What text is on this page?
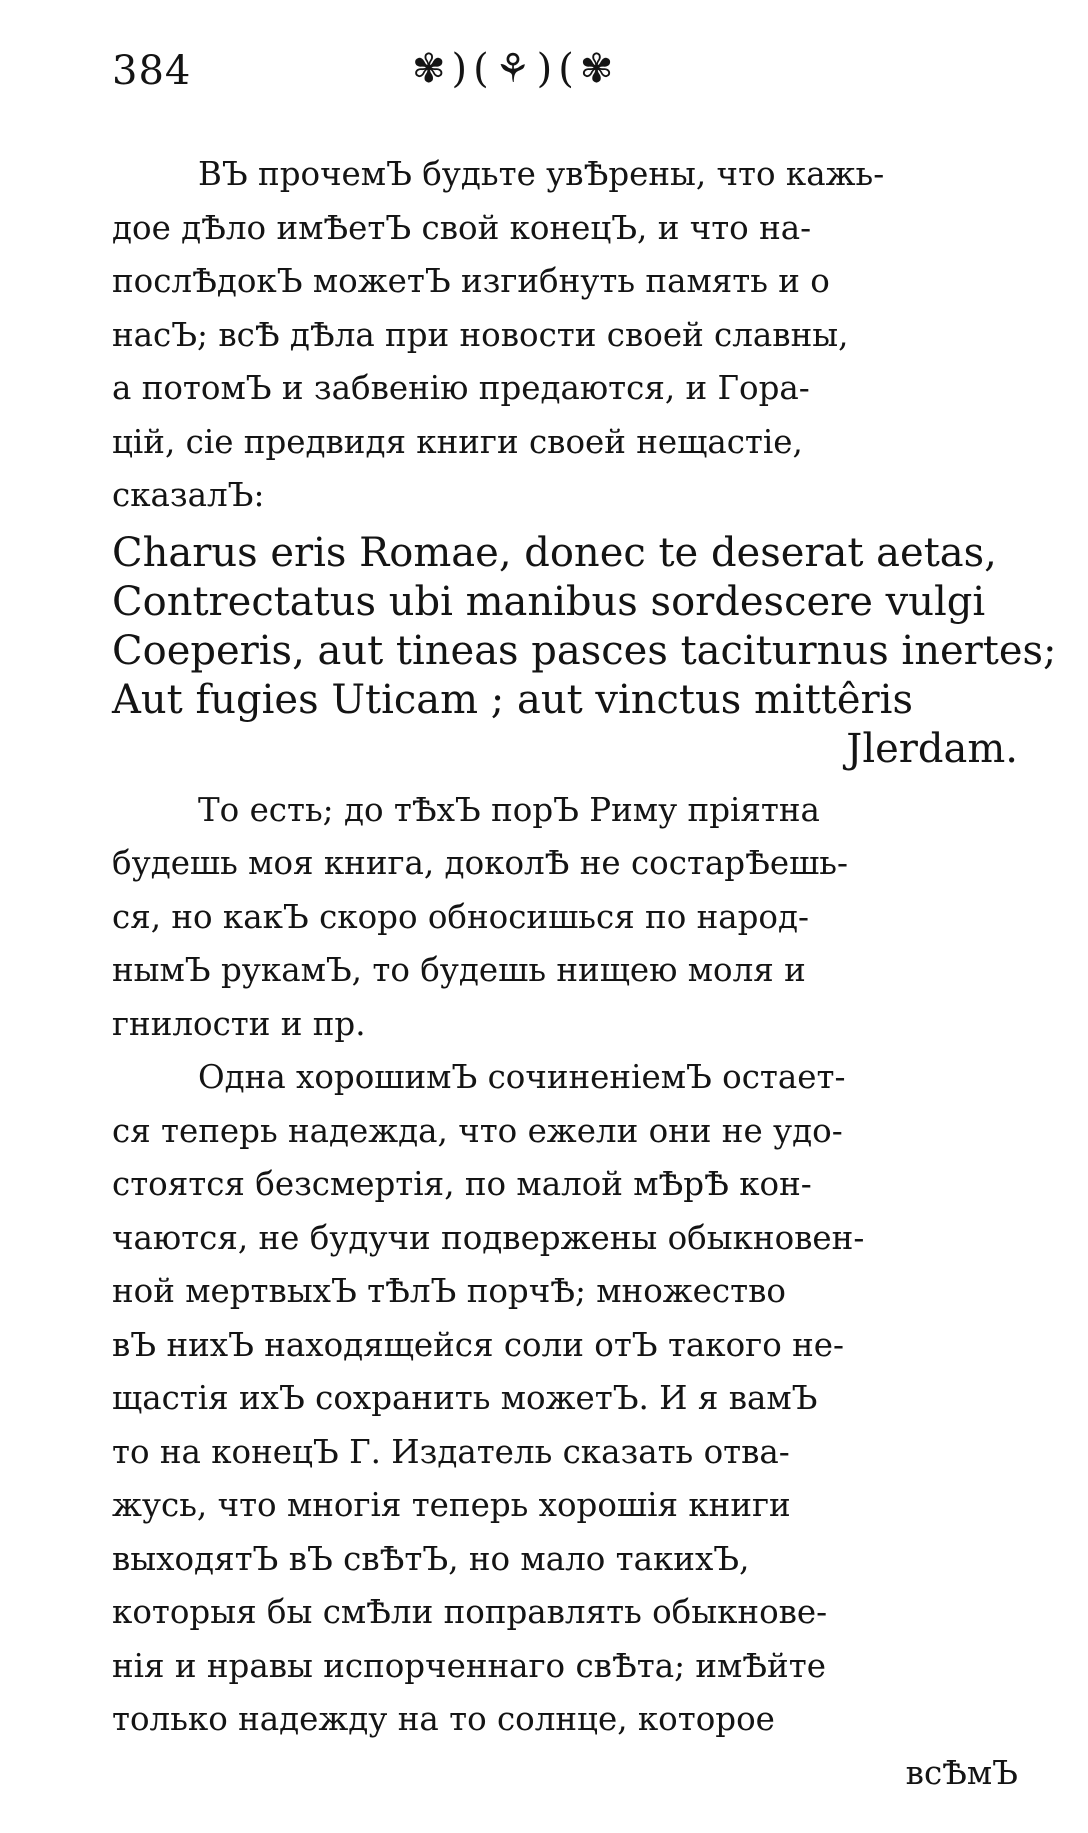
384	✾)(⚘)(✾

ВЪ прочемЪ будьте увѢрены, что кажь-
дое дѢло имѢетЪ свой конецЪ, и что на-
послѢдокЪ можетЪ изгибнуть память и о
насЪ; всѢ дѢла при новости своей славны,
а потомЪ и забвенію предаются, и Гора-
цій, сіе предвидя книги своей нещастіе,
сказалЪ:

Charus eris Romae, donec te deserat aetas,
Contrectatus ubi manibus sordescere vulgi
Coeperis, aut tineas pasces taciturnus inertes;
Aut fugies Uticam ; aut vinctus mittêris
Jlerdam.

То есть; до тѢхЪ порЪ Риму пріятна
будешь моя книга, доколѢ не состарѢешь-
ся, но какЪ скоро обносишься по народ-
нымЪ рукамЪ, то будешь нищею моля и
гнилости и пр.

Одна хорошимЪ сочиненіемЪ остает-
ся теперь надежда, что ежели они не удо-
стоятся безсмертія, по малой мѢрѢ кон-
чаются, не будучи подвержены обыкновен-
ной мертвыхЪ тѢлЪ порчѢ; множество
вЪ нихЪ находящейся соли отЪ такого не-
щастія ихЪ сохранить можетЪ. И я вамЪ
то на конецЪ Г. Издатель сказать отва-
жусь, что многія теперь хорошія книги
выходятЪ вЪ свѢтЪ, но мало такихЪ,
которыя бы смѢли поправлять обыкнове-
нія и нравы испорченнаго свѢта; имѢйте
только надежду на то солнце, которое
всѢмЪ
